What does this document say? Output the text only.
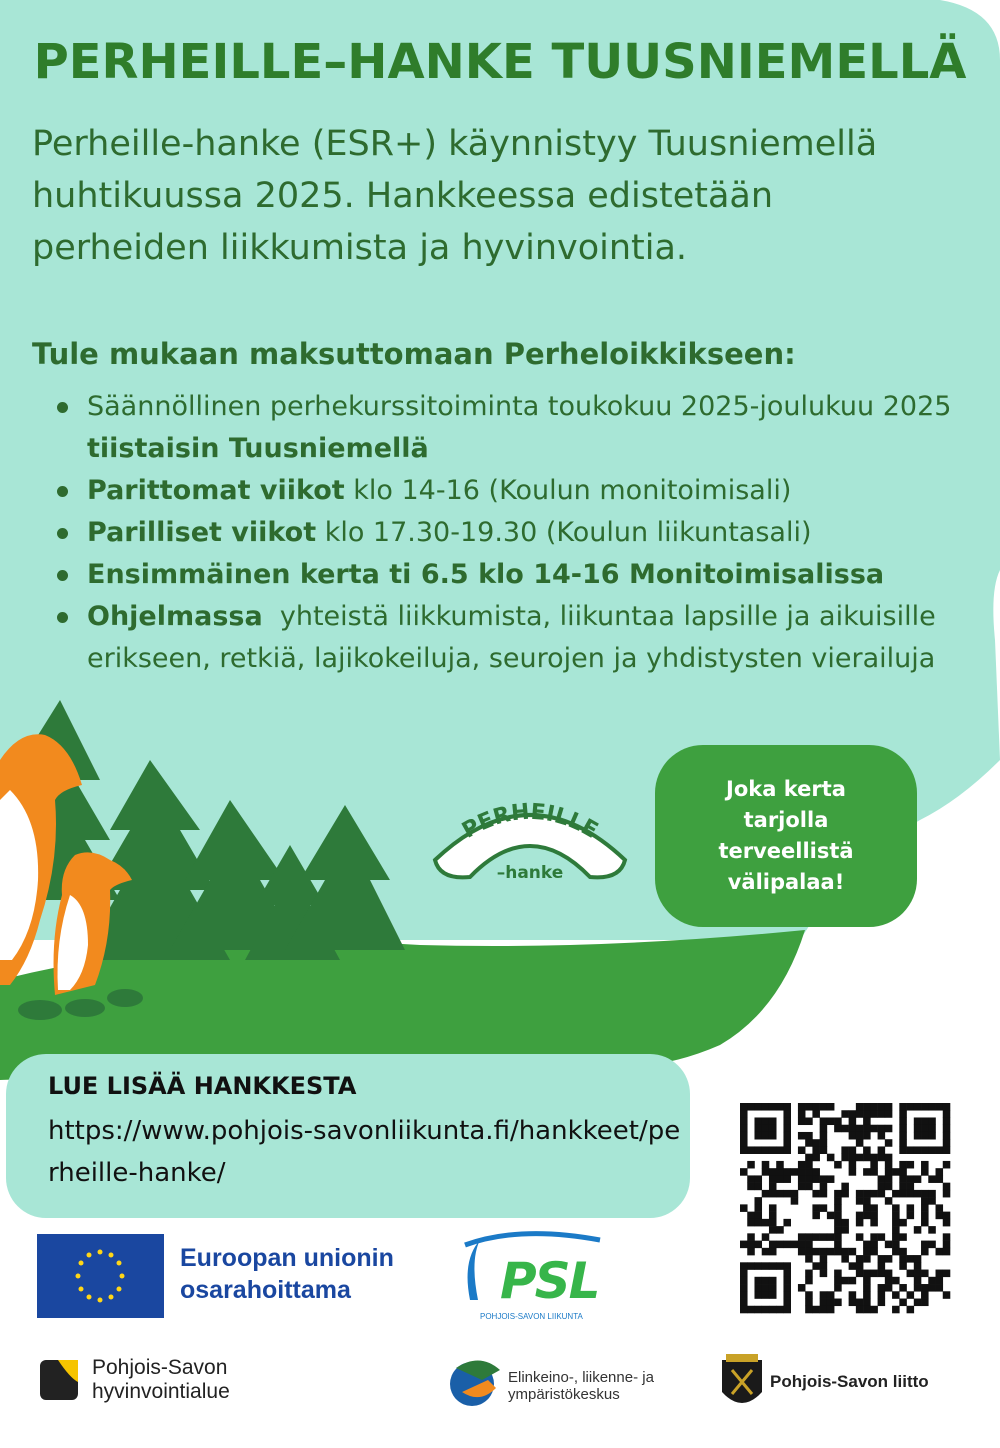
PERHEILLE–HANKE TUUSNIEMELLÄ
Perheille-hanke (ESR+) käynnistyy Tuusniemellä huhtikuussa 2025. Hankkeessa edistetään perheiden liikkumista ja hyvinvointia.
Tule mukaan maksuttomaan Perheloikkikseen:
Säännöllinen perhekurssitoiminta toukokuu 2025-joulukuu 2025 tiistaisin Tuusniemellä
Parittomat viikot klo 14-16 (Koulun monitoimisali)
Parilliset viikot klo 17.30-19.30 (Koulun liikuntasali)
Ensimmäinen kerta ti 6.5 klo 14-16 Monitoimisalissa
Ohjelmassa  yhteistä liikkumista, liikuntaa lapsille ja aikuisille erikseen, retkiä, lajikokeiluja, seurojen ja yhdistysten vierailuja
PERHEILLE
–hanke
Joka kerta
tarjolla
terveellistä
välipalaa!
LUE LISÄÄ HANKKESTA
https://www.pohjois-savonliikunta.fi/hankkeet/perheille-hanke/
Euroopan unionin
osarahoittama	PSL
POHJOIS-SAVON LIIKUNTA
Pohjois-Savon
hyvinvointialue
Elinkeino-, liikenne- ja
ympäristökeskus
Pohjois-Savon liitto
